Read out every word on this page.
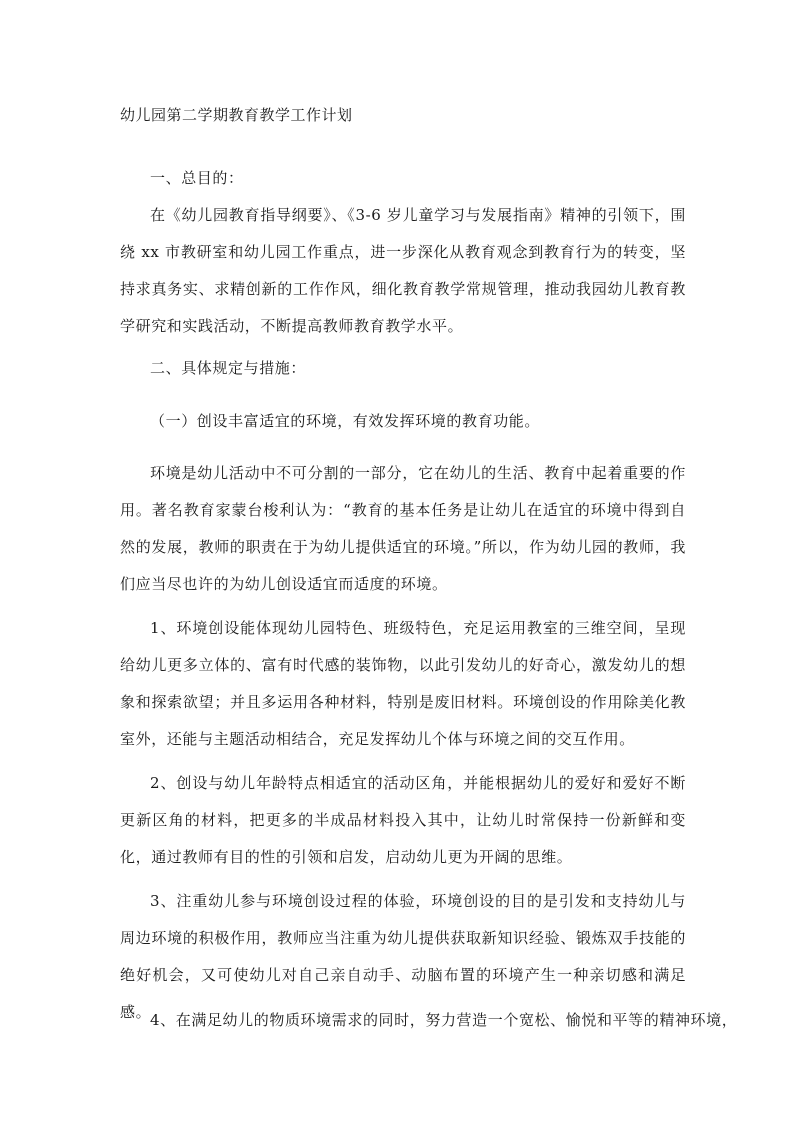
幼儿园第二学期教育教学工作计划
一、总目的：
在《幼儿园教育指导纲要》、《3-6 岁儿童学习与发展指南》精神的引领下，围绕 xx 市教研室和幼儿园工作重点，进一步深化从教育观念到教育行为的转变，坚持求真务实、求精创新的工作作风，细化教育教学常规管理，推动我园幼儿教育教学研究和实践活动，不断提高教师教育教学水平。
二、具体规定与措施：
（一）创设丰富适宜的环境，有效发挥环境的教育功能。
环境是幼儿活动中不可分割的一部分，它在幼儿的生活、教育中起着重要的作用。著名教育家蒙台梭利认为：“教育的基本任务是让幼儿在适宜的环境中得到自然的发展，教师的职责在于为幼儿提供适宜的环境。”所以，作为幼儿园的教师，我们应当尽也许的为幼儿创设适宜而适度的环境。
1、环境创设能体现幼儿园特色、班级特色，充足运用教室的三维空间，呈现给幼儿更多立体的、富有时代感的装饰物，以此引发幼儿的好奇心，激发幼儿的想象和探索欲望；并且多运用各种材料，特别是废旧材料。环境创设的作用除美化教室外，还能与主题活动相结合，充足发挥幼儿个体与环境之间的交互作用。
2、创设与幼儿年龄特点相适宜的活动区角，并能根据幼儿的爱好和爱好不断更新区角的材料，把更多的半成品材料投入其中，让幼儿时常保持一份新鲜和变化，通过教师有目的性的引领和启发，启动幼儿更为开阔的思维。
3、注重幼儿参与环境创设过程的体验，环境创设的目的是引发和支持幼儿与周边环境的积极作用，教师应当注重为幼儿提供获取新知识经验、锻炼双手技能的绝好机会，又可使幼儿对自己亲自动手、动脑布置的环境产生一种亲切感和满足感。
4、在满足幼儿的物质环境需求的同时，努力营造一个宽松、愉悦和平等的精神环境，
